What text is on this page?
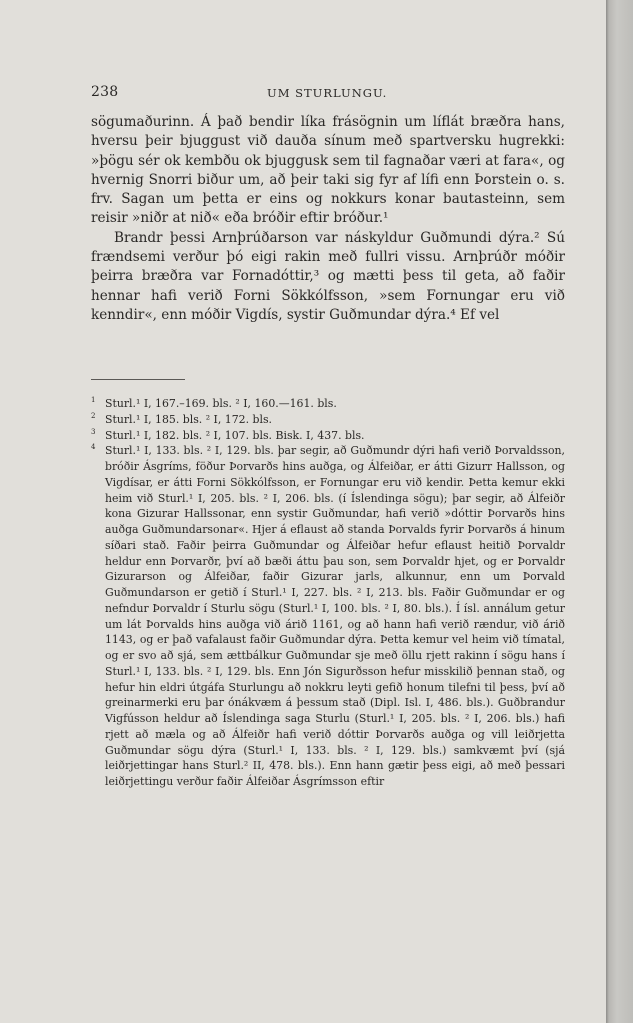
238	UM STURLUNGU.

sögumaðurinn. Á það bendir líka frásögnin um líflát bræðra hans, hversu þeir bjuggust við dauða sínum með spartversku hugrekki: »þögu sér ok kembðu ok bjuggusk sem til fagnaðar væri at fara«, og hvernig Snorri biður um, að þeir taki sig fyr af lífi enn Þorstein o. s. frv. Sagan um þetta er eins og nokkurs konar bautasteinn, sem reisir »niðr at nið« eða bróðir eftir bróður.¹

Brandr þessi Arnþrúðarson var náskyldur Guðmundi dýra.² Sú frændsemi verður þó eigi rakin með fullri vissu. Arnþrúðr móðir þeirra bræðra var Fornadóttir,³ og mætti þess til geta, að faðir hennar hafi verið Forni Sökkólfsson, »sem Fornungar eru við kenndir«, enn móðir Vigdís, systir Guðmundar dýra.⁴ Ef vel

1 Sturl.¹ I, 167.–169. bls. ² I, 160.—161. bls.

2 Sturl.¹ I, 185. bls. ² I, 172. bls.

3 Sturl.¹ I, 182. bls. ² I, 107. bls. Bisk. I, 437. bls.

4 Sturl.¹ I, 133. bls. ² I, 129. bls. þar segir, að Guðmundr dýri hafi verið Þorvaldsson, bróðir Ásgríms, föður Þorvarðs hins auðga, og Álfeiðar, er átti Gizurr Hallsson, og Vigdísar, er átti Forni Sökkólfsson, er Fornungar eru við kendir. Þetta kemur ekki heim við Sturl.¹ I, 205. bls. ² I, 206. bls. (í Íslendinga sögu); þar segir, að Álfeiðr kona Gizurar Hallssonar, enn systir Guðmundar, hafi verið »dóttir Þorvarðs hins auðga Guðmundarsonar«. Hjer á eflaust að standa Þorvalds fyrir Þorvarðs á hinum síðari stað. Faðir þeirra Guðmundar og Álfeiðar hefur eflaust heitið Þorvaldr heldur enn Þorvarðr, því að bæði áttu þau son, sem Þorvaldr hjet, og er Þorvaldr Gizurarson og Álfeiðar, faðir Gizurar jarls, alkunnur, enn um Þorvald Guðmundarson er getið í Sturl.¹ I, 227. bls. ² I, 213. bls. Faðir Guðmundar er og nefndur Þorvaldr í Sturlu sögu (Sturl.¹ I, 100. bls. ² I, 80. bls.). Í ísl. annálum getur um lát Þorvalds hins auðga við árið 1161, og að hann hafi verið rændur, við árið 1143, og er það vafalaust faðir Guðmundar dýra. Þetta kemur vel heim við tímatal, og er svo að sjá, sem ættbálkur Guðmundar sje með öllu rjett rakinn í sögu hans í Sturl.¹ I, 133. bls. ² I, 129. bls. Enn Jón Sigurðsson hefur misskilið þennan stað, og hefur hin eldri útgáfa Sturlungu að nokkru leyti gefið honum tilefni til þess, því að greinarmerki eru þar ónákvæm á þessum stað (Dipl. Isl. I, 486. bls.). Guðbrandur Vigfússon heldur að Íslendinga saga Sturlu (Sturl.¹ I, 205. bls. ² I, 206. bls.) hafi rjett að mæla og að Álfeiðr hafi verið dóttir Þorvarðs auðga og vill leiðrjetta Guðmundar sögu dýra (Sturl.¹ I, 133. bls. ² I, 129. bls.) samkvæmt því (sjá leiðrjettingar hans Sturl.² II, 478. bls.). Enn hann gætir þess eigi, að með þessari leiðrjettingu verður faðir Álfeiðar Ásgrímsson eftir
